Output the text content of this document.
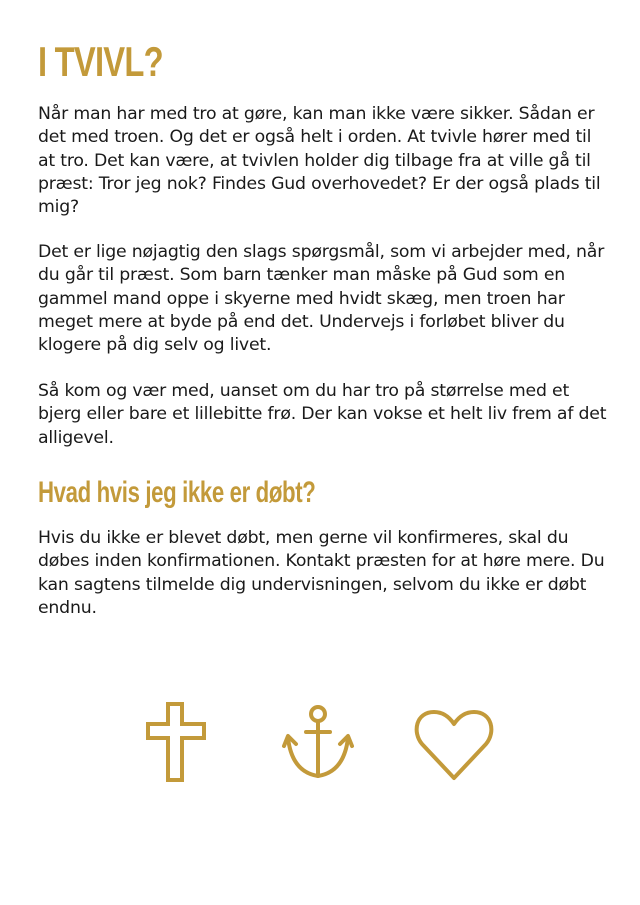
I TVIVL?

Når man har med tro at gøre, kan man ikke være sikker. Sådan er det med troen. Og det er også helt i orden. At tvivle hører med til at tro. Det kan være, at tvivlen holder dig tilbage fra at ville gå til præst: Tror jeg nok? Findes Gud overhovedet? Er der også plads til mig?

Det er lige nøjagtig den slags spørgsmål, som vi arbejder med, når du går til præst. Som barn tænker man måske på Gud som en gammel mand oppe i skyerne med hvidt skæg, men troen har meget mere at byde på end det. Undervejs i forløbet bliver du klogere på dig selv og livet.

Så kom og vær med, uanset om du har tro på størrelse med et bjerg eller bare et lillebitte frø. Der kan vokse et helt liv frem af det alligevel.

Hvad hvis jeg ikke er døbt?

Hvis du ikke er blevet døbt, men gerne vil konfirmeres, skal du døbes inden konfirmationen. Kontakt præsten for at høre mere. Du kan sagtens tilmelde dig undervisningen, selvom du ikke er døbt endnu.
